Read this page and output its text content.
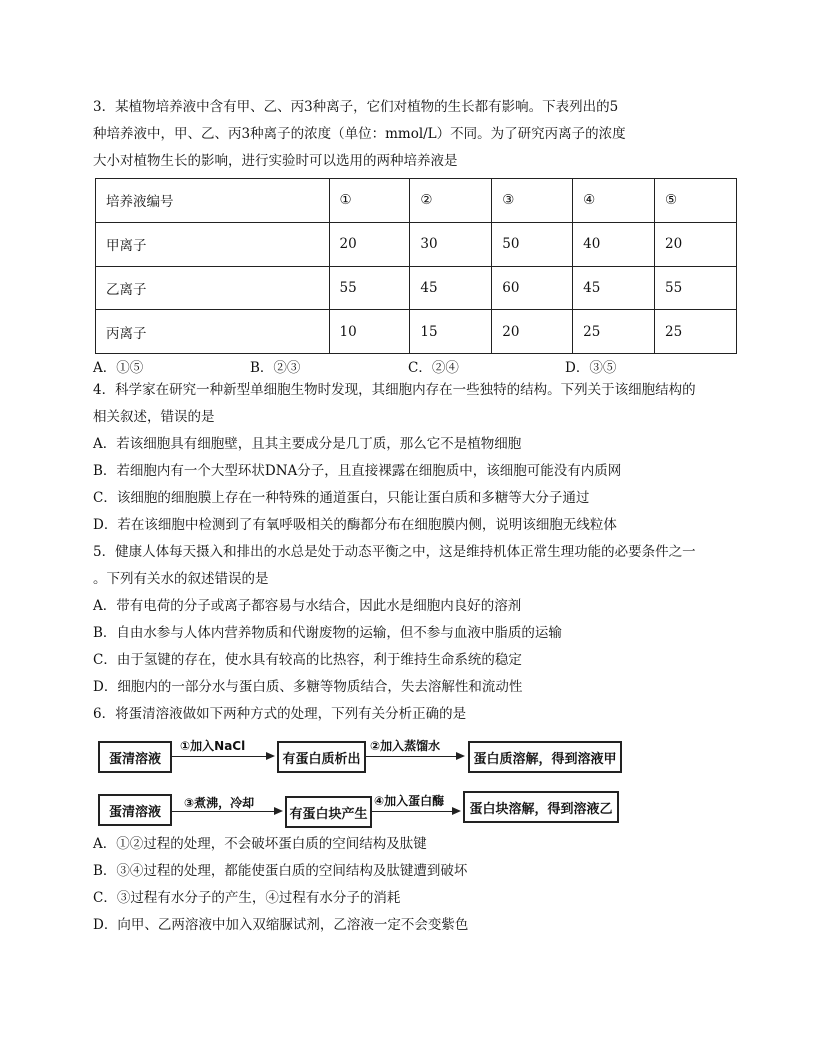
3．某植物培养液中含有甲、乙、丙3种离子，它们对植物的生长都有影响。下表列出的5
种培养液中，甲、乙、丙3种离子的浓度（单位：mmol/L）不同。为了研究丙离子的浓度
大小对植物生长的影响，进行实验时可以选用的两种培养液是
培养液编号	①	②	③	④	⑤
甲离子	20	30	50	40	20
乙离子	55	45	60	45	55
丙离子	10	15	20	25	25
A．①⑤	B．②③	C．②④	D．③⑤
4．科学家在研究一种新型单细胞生物时发现，其细胞内存在一些独特的结构。下列关于该细胞结构的
相关叙述，错误的是
A．若该细胞具有细胞壁，且其主要成分是几丁质，那么它不是植物细胞
B．若细胞内有一个大型环状DNA分子，且直接裸露在细胞质中，该细胞可能没有内质网
C．该细胞的细胞膜上存在一种特殊的通道蛋白，只能让蛋白质和多糖等大分子通过
D．若在该细胞中检测到了有氧呼吸相关的酶都分布在细胞膜内侧，说明该细胞无线粒体
5．健康人体每天摄入和排出的水总是处于动态平衡之中，这是维持机体正常生理功能的必要条件之一
。下列有关水的叙述错误的是
A．带有电荷的分子或离子都容易与水结合，因此水是细胞内良好的溶剂
B．自由水参与人体内营养物质和代谢废物的运输，但不参与血液中脂质的运输
C．由于氢键的存在，使水具有较高的比热容，利于维持生命系统的稳定
D．细胞内的一部分水与蛋白质、多糖等物质结合，失去溶解性和流动性
6．将蛋清溶液做如下两种方式的处理，下列有关分析正确的是
蛋清溶液
①加入NaCl
有蛋白质析出
②加入蒸馏水
蛋白质溶解，得到溶液甲
蛋清溶液
③煮沸，冷却
有蛋白块产生
④加入蛋白酶
蛋白块溶解，得到溶液乙
A．①②过程的处理，不会破坏蛋白质的空间结构及肽键
B．③④过程的处理，都能使蛋白质的空间结构及肽键遭到破坏
C．③过程有水分子的产生，④过程有水分子的消耗
D．向甲、乙两溶液中加入双缩脲试剂，乙溶液一定不会变紫色
